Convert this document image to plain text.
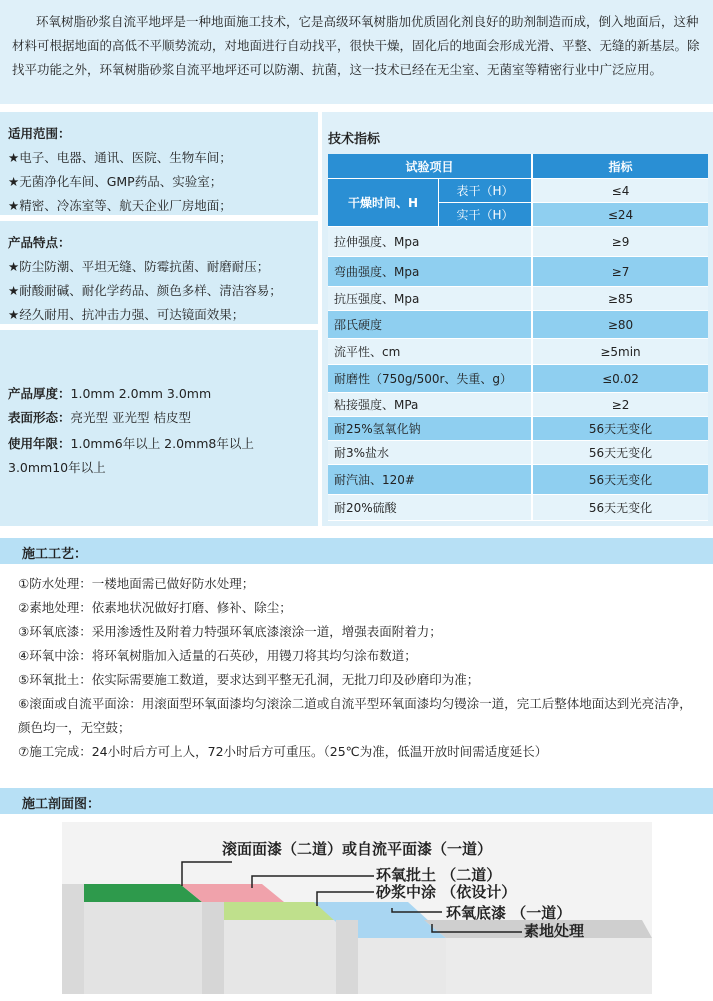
环氧树脂砂浆自流平地坪是一种地面施工技术，它是高级环氧树脂加优质固化剂良好的助剂制造而成，倒入地面后，这种材料可根据地面的高低不平顺势流动，对地面进行自动找平，很快干燥，固化后的地面会形成光滑、平整、无缝的新基层。除找平功能之外，环氧树脂砂浆自流平地坪还可以防潮、抗菌，这一技术已经在无尘室、无菌室等精密行业中广泛应用。

适用范围：
★电子、电器、通讯、医院、生物车间；
★无菌净化车间、GMP药品、实验室；
★精密、冷冻室等、航天企业厂房地面；
产品特点：
★防尘防潮、平坦无缝、防霉抗菌、耐磨耐压；
★耐酸耐碱、耐化学药品、颜色多样、清洁容易；
★经久耐用、抗冲击力强、可达镜面效果；
产品厚度：1.0mm 2.0mm 3.0mm
表面形态：亮光型 亚光型 桔皮型
使用年限：1.0mm6年以上 2.0mm8年以上 3.0mm10年以上
技术指标
试验项目		指标
干燥时间、H	表干（H）	≤4
	实干（H）	≤24
拉伸强度、Mpa		≥9
弯曲强度、Mpa		≥7
抗压强度、Mpa		≥85
邵氏硬度		≥80
流平性、cm		≥5min
耐磨性（750g/500r、失重、g）		≤0.02
粘接强度、MPa		≥2
耐25%氢氧化钠		56天无变化
耐3%盐水		56天无变化
耐汽油、120#		56天无变化
耐20%硫酸		56天无变化
施工工艺：
①防水处理：一楼地面需已做好防水处理；
②素地处理：依素地状况做好打磨、修补、除尘；
③环氧底漆：采用渗透性及附着力特强环氧底漆滚涂一道，增强表面附着力；
④环氧中涂：将环氧树脂加入适量的石英砂，用镘刀将其均匀涂布数道；
⑤环氧批土：依实际需要施工数道，要求达到平整无孔洞，无批刀印及砂磨印为准；
⑥滚面或自流平面涂：用滚面型环氧面漆均匀滚涂二道或自流平型环氧面漆均匀镘涂一道，完工后整体地面达到光亮洁净，颜色均一，无空鼓；
⑦施工完成：24小时后方可上人，72小时后方可重压。（25℃为准，低温开放时间需适度延长）
施工剖面图：
滚面面漆（二道）或自流平面漆（一道）
环氧批土 （二道）
砂浆中涂 （依设计）
环氧底漆 （一道）
素地处理
